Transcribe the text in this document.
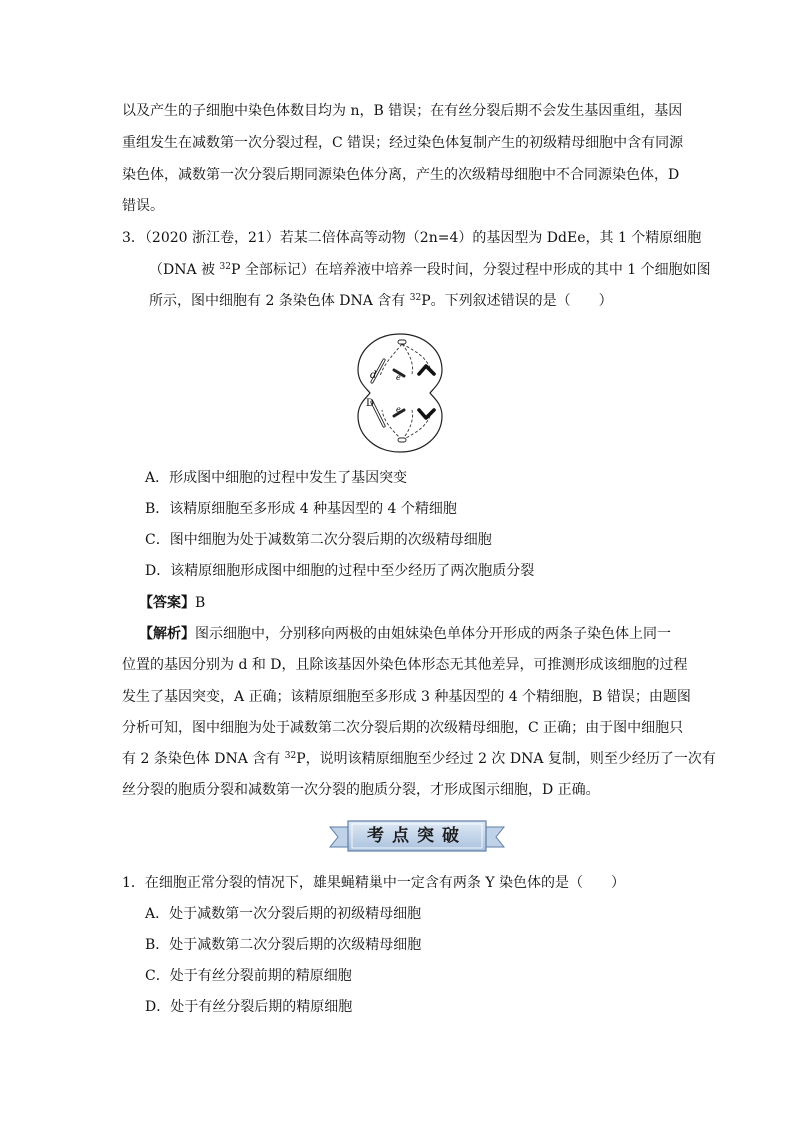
以及产生的子细胞中染色体数目均为 n，B 错误；在有丝分裂后期不会发生基因重组，基因
重组发生在减数第一次分裂过程，C 错误；经过染色体复制产生的初级精母细胞中含有同源
染色体，减数第一次分裂后期同源染色体分离，产生的次级精母细胞中不合同源染色体，D
错误。
3．（2020 浙江卷，21）若某二倍体高等动物（2n=4）的基因型为 DdEe，其 1 个精原细胞
（DNA 被 $^{32}$P 全部标记）在培养液中培养一段时间，分裂过程中形成的其中 1 个细胞如图
所示，图中细胞有 2 条染色体 DNA 含有 $^{32}$P。下列叙述错误的是（　　）
d
D
e
e
A．形成图中细胞的过程中发生了基因突变
B．该精原细胞至多形成 4 种基因型的 4 个精细胞
C．图中细胞为处于减数第二次分裂后期的次级精母细胞
D．该精原细胞形成图中细胞的过程中至少经历了两次胞质分裂
【答案】B
【解析】图示细胞中，分别移向两极的由姐妹染色单体分开形成的两条子染色体上同一
位置的基因分别为 d 和 D，且除该基因外染色体形态无其他差异，可推测形成该细胞的过程
发生了基因突变，A 正确；该精原细胞至多形成 3 种基因型的 4 个精细胞，B 错误；由题图
分析可知，图中细胞为处于减数第二次分裂后期的次级精母细胞，C 正确；由于图中细胞只
有 2 条染色体 DNA 含有 $^{32}$P，说明该精原细胞至少经过 2 次 DNA 复制，则至少经历了一次有
丝分裂的胞质分裂和减数第一次分裂的胞质分裂，才形成图示细胞，D 正确。
考点突破
1．在细胞正常分裂的情况下，雄果蝇精巢中一定含有两条 Y 染色体的是（　　）
A．处于减数第一次分裂后期的初级精母细胞
B．处于减数第二次分裂后期的次级精母细胞
C．处于有丝分裂前期的精原细胞
D．处于有丝分裂后期的精原细胞
